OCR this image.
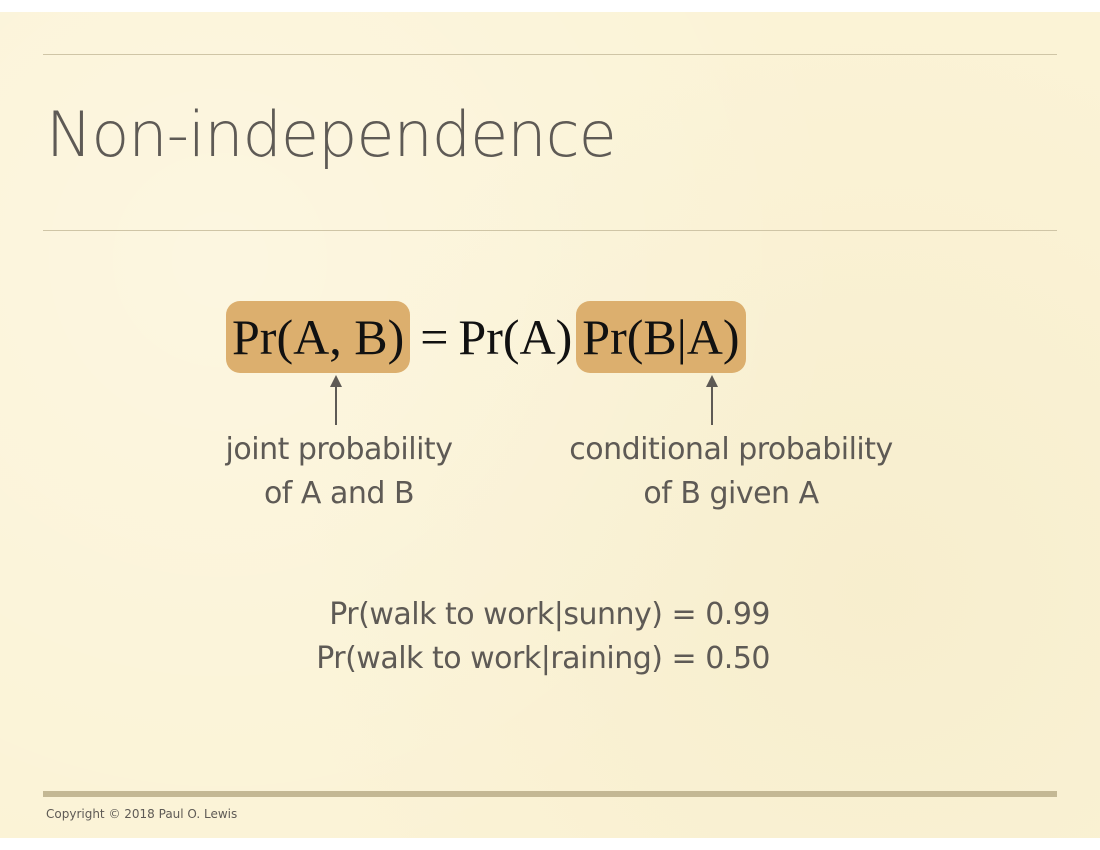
Non-independence
Pr(A, B) = Pr(A) Pr(B|A)
joint probability
of A and B
conditional probability
of B given A
Pr(walk to work|sunny) = 0.99
Pr(walk to work|raining) = 0.50
Copyright © 2018 Paul O. Lewis
